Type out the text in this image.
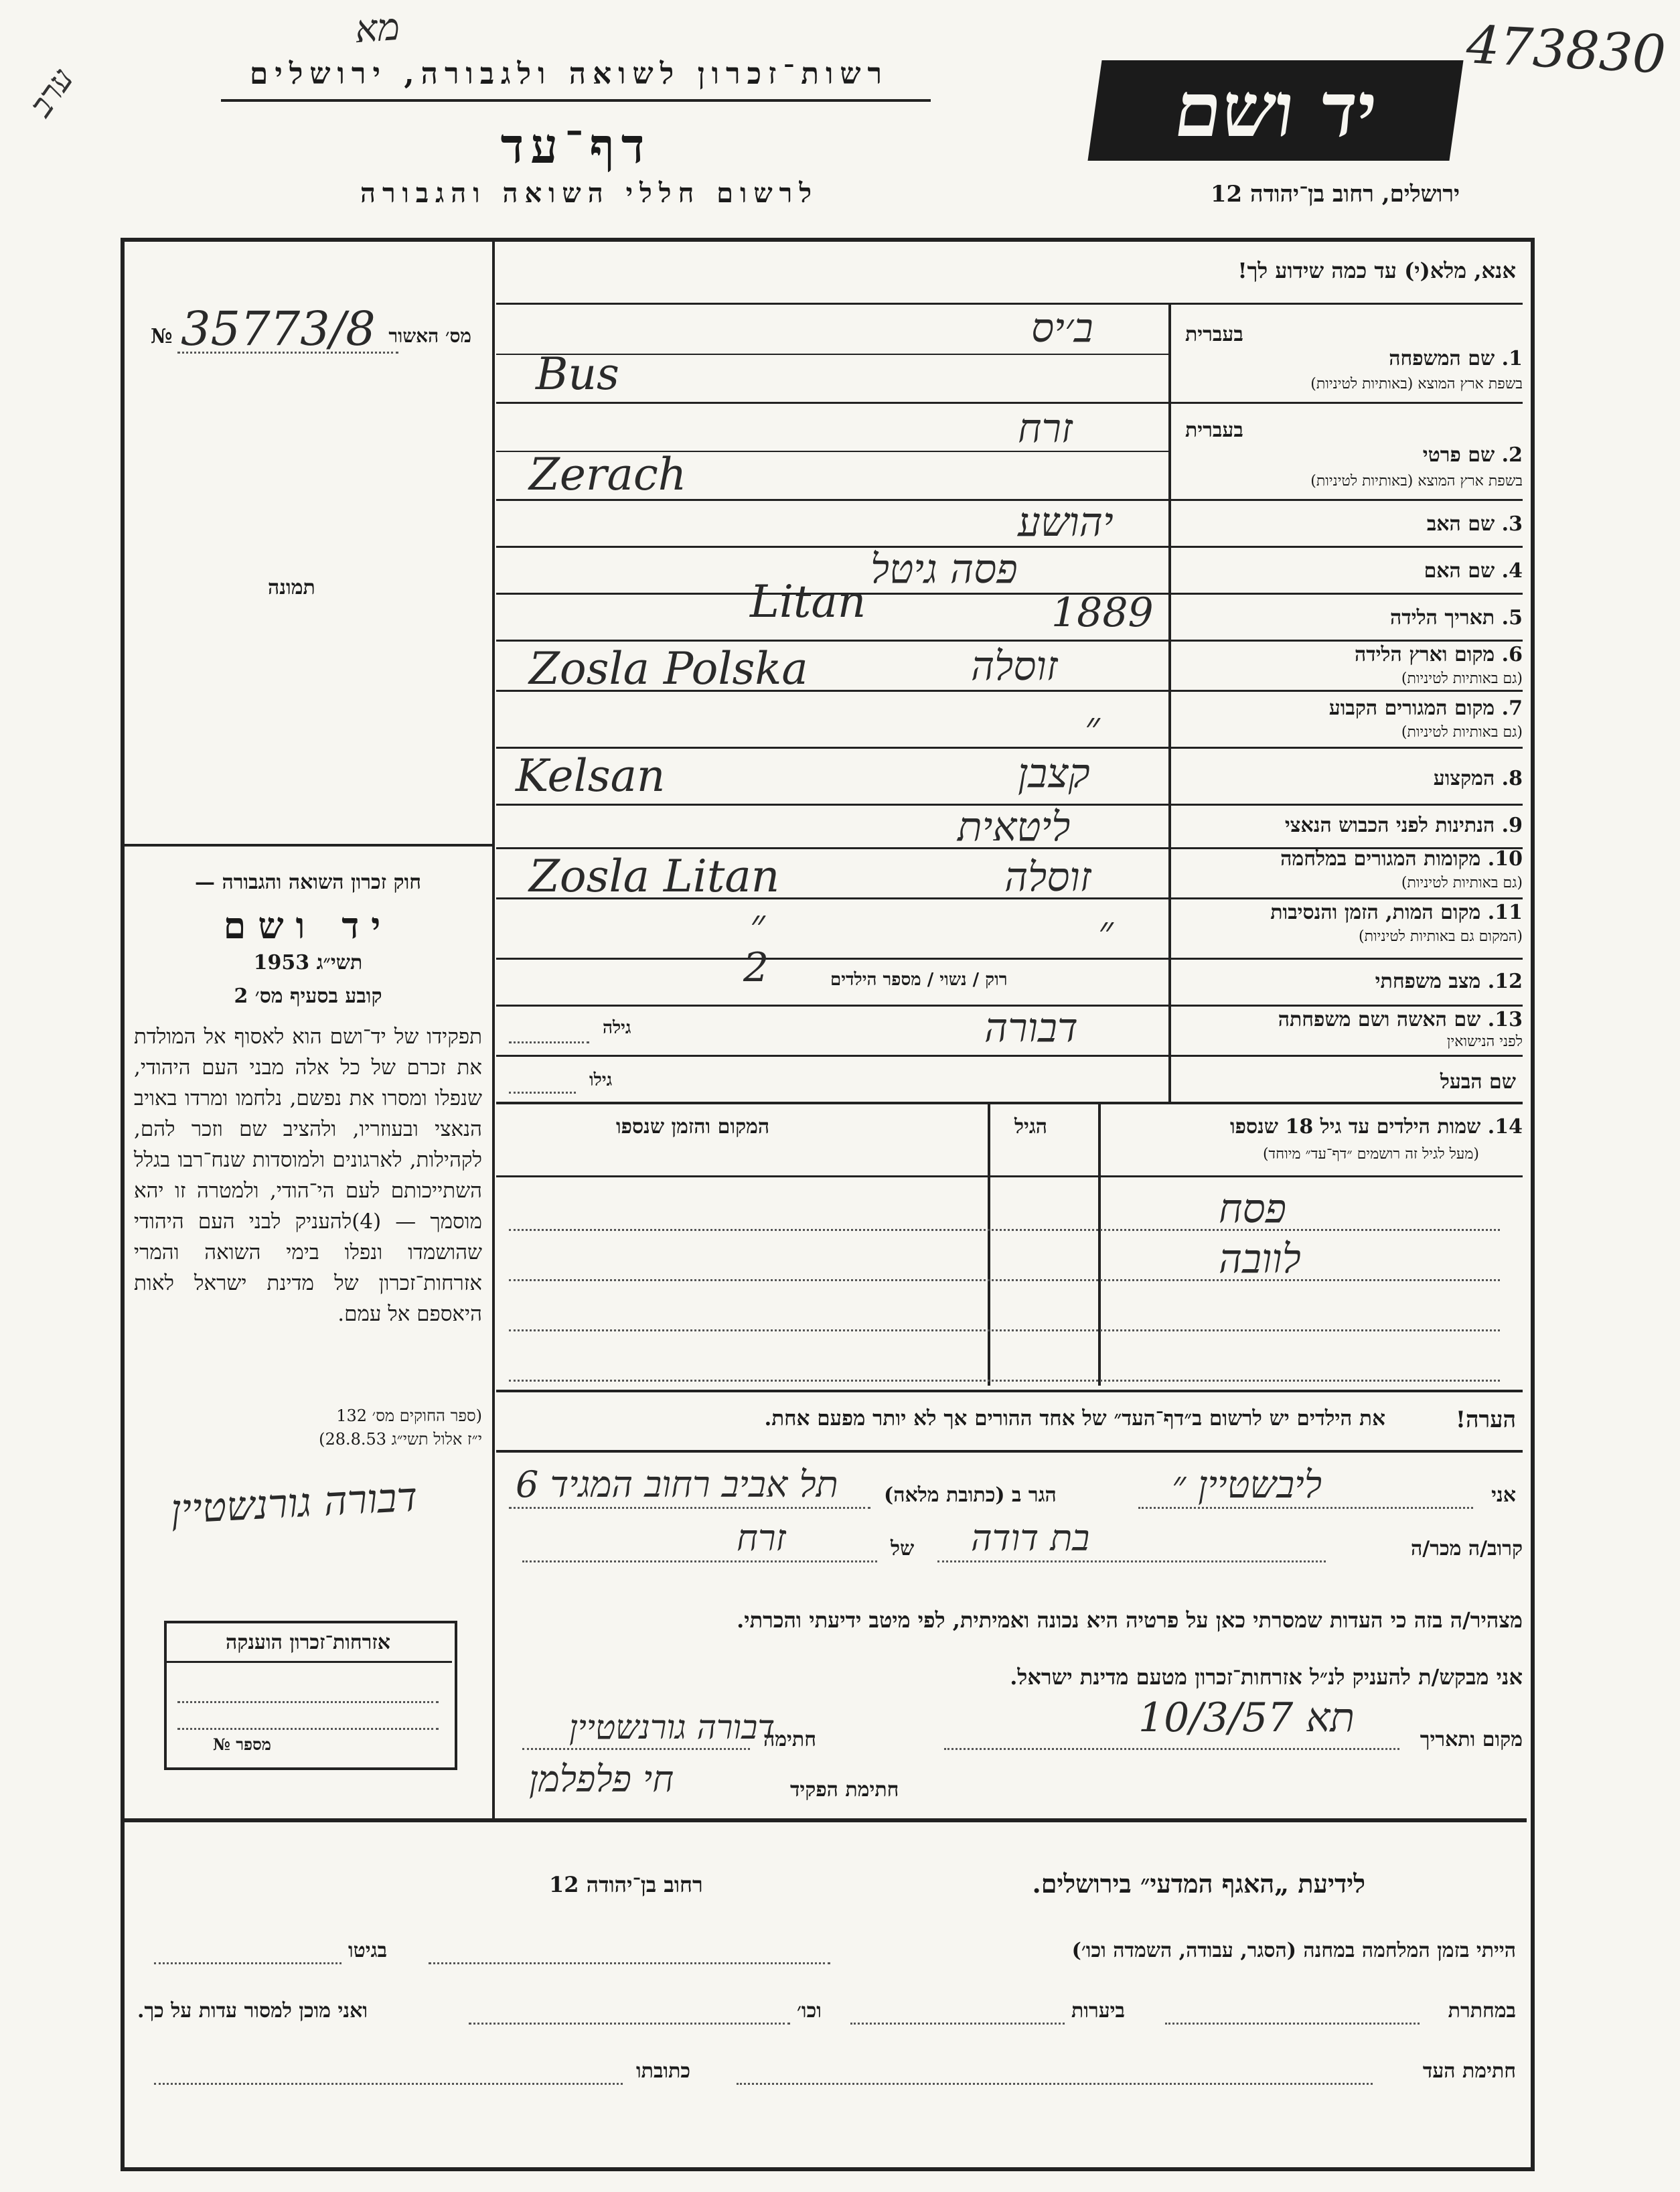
מא
ערב
473830
רשות־זכרון לשואה ולגבורה, ירושלים
דף־עד
לרשום חללי השואה והגבורה
יד ושם
ירושלים, רחוב בן־יהודה 12
אנא, מלא(י) עד כמה שידוע לך!
מס׳ האשור
№ 35773/8
תמונה
חוק זכרון השואה והגבורה —
יד ושם
תשי״ג 1953
קובע בסעיף מס׳ 2
תפקידו של יד־ושם הוא לאסוף אל המולדת את זכרם של כל אלה מבני העם היהודי, שנפלו ומסרו את נפשם, נלחמו ומרדו באויב הנאצי ובעוזריו, ולהציב שם וזכר להם, לקהילות, לארגונים ולמוסדות שנח־רבו בגלל השתייכותם לעם הי־הודי, ולמטרה זו יהא מוסמך — (4)להעניק לבני העם היהודי שהושמדו ונפלו בימי השואה והמרי אזרחות־זכרון של מדינת ישראל לאות היאספם אל עמם.
(ספר החוקים מס׳ 132
י״ז אלול תשי״ג 28.8.53)
אזרחות־זכרון הוענקה
מספר №
בעברית
1. שם המשפחה
בשפת ארץ המוצא (באותיות לטיניות)
ב׳יס
Bus
בעברית
2. שם פרטי
בשפת ארץ המוצא (באותיות לטיניות)
זרח
Zerach
3. שם האב
יהושע
4. שם האם
פסה גיטל
5. תאריך הלידה
1889
Litan
6. מקום וארץ הלידה
(גם באותיות לטיניות)
זוסלה
Zosla Polska
7. מקום המגורים הקבוע
(גם באותיות לטיניות)
״
8. המקצוע
קצבן
Kelsan
9. הנתינות לפני הכבוש הנאצי
ליטאית
10. מקומות המגורים במלחמה
(גם באותיות לטיניות)
זוסלה
Zosla Litan
11. מקום המות, הזמן והנסיבות
(המקום גם באותיות לטיניות)
״
״
12. מצב משפחתי
רוק / נשוי / מספר הילדים
2
13. שם האשה ושם משפחתה
לפני הנישואין
דבורה
גילה
שם הבעל
גילו
14. שמות הילדים עד גיל 18 שנספו
(מעל לגיל זה רושמים ״דף־עד״ מיוחד)
הגיל
המקום והזמן שנספו
פסח
לוובה
הערה!
את הילדים יש לרשום ב״דף־העד״ של אחד ההורים אך לא יותר מפעם אחת.
אני
ליבשטיין ״
הגר ב (כתובת מלאה)
תל אביב רחוב המגיד 6
קרוב/ה מכר/ה
בת דודה
של
זרח
דבורה גורנשטיין
מצהיר/ה בזה כי העדות שמסרתי כאן על פרטיה היא נכונה ואמיתית, לפי מיטב ידיעתי והכרתי.
אני מבקש/ת להעניק לנ״ל אזרחות־זכרון מטעם מדינת ישראל.
מקום ותאריך
תא 10/3/57
חתימה
דבורה גורנשטיין
חתימת הפקיד
חי פלפלמן
לידיעת „האגף המדעי״ בירושלים.
רחוב בן־יהודה 12
הייתי בזמן המלחמה במחנה (הסגר, עבודה, השמדה וכו׳)
בגיטו
במחתרת
ביערות
וכו׳
ואני מוכן למסור עדות על כך.
חתימת העד
כתובתו
